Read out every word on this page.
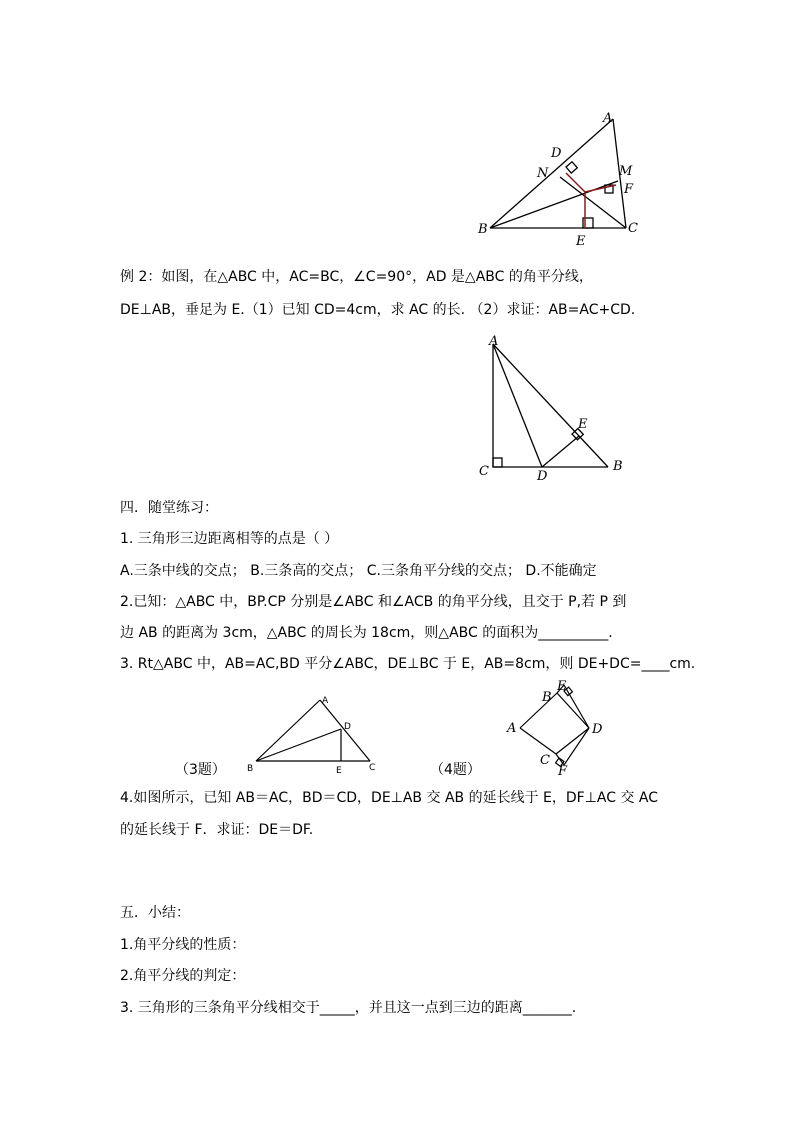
A
D
N	M
F
B	C
E
例 2：如图，在△ABC 中，AC=BC，∠C=90°，AD 是△ABC 的角平分线，
DE⊥AB，垂足为 E.（1）已知 CD=4cm，求 AC 的长. （2）求证：AB=AC+CD.
A
E
C	D
B
四．随堂练习：
1. 三角形三边距离相等的点是（ ）
A.三条中线的交点； B.三条高的交点； C.三条角平分线的交点； D.不能确定
2.已知：△ABC 中，BP.CP 分别是∠ABC 和∠ACB 的角平分线，且交于 P,若 P 到
边 AB 的距离为 3cm，△ABC 的周长为 18cm，则△ABC 的面积为__________.
3. Rt△ABC 中，AB=AC,BD 平分∠ABC，DE⊥BC 于 E，AB=8cm，则 DE+DC=____cm.
（3题）
A
D
B	E	C	（4题）
E
B
A	D
C
F
4.如图所示，已知 AB＝AC，BD＝CD，DE⊥AB 交 AB 的延长线于 E，DF⊥AC 交 AC
的延长线于 F．求证：DE＝DF.
五．小结：
1.角平分线的性质：
2.角平分线的判定：
3. 三角形的三条角平分线相交于_____，并且这一点到三边的距离_______.
